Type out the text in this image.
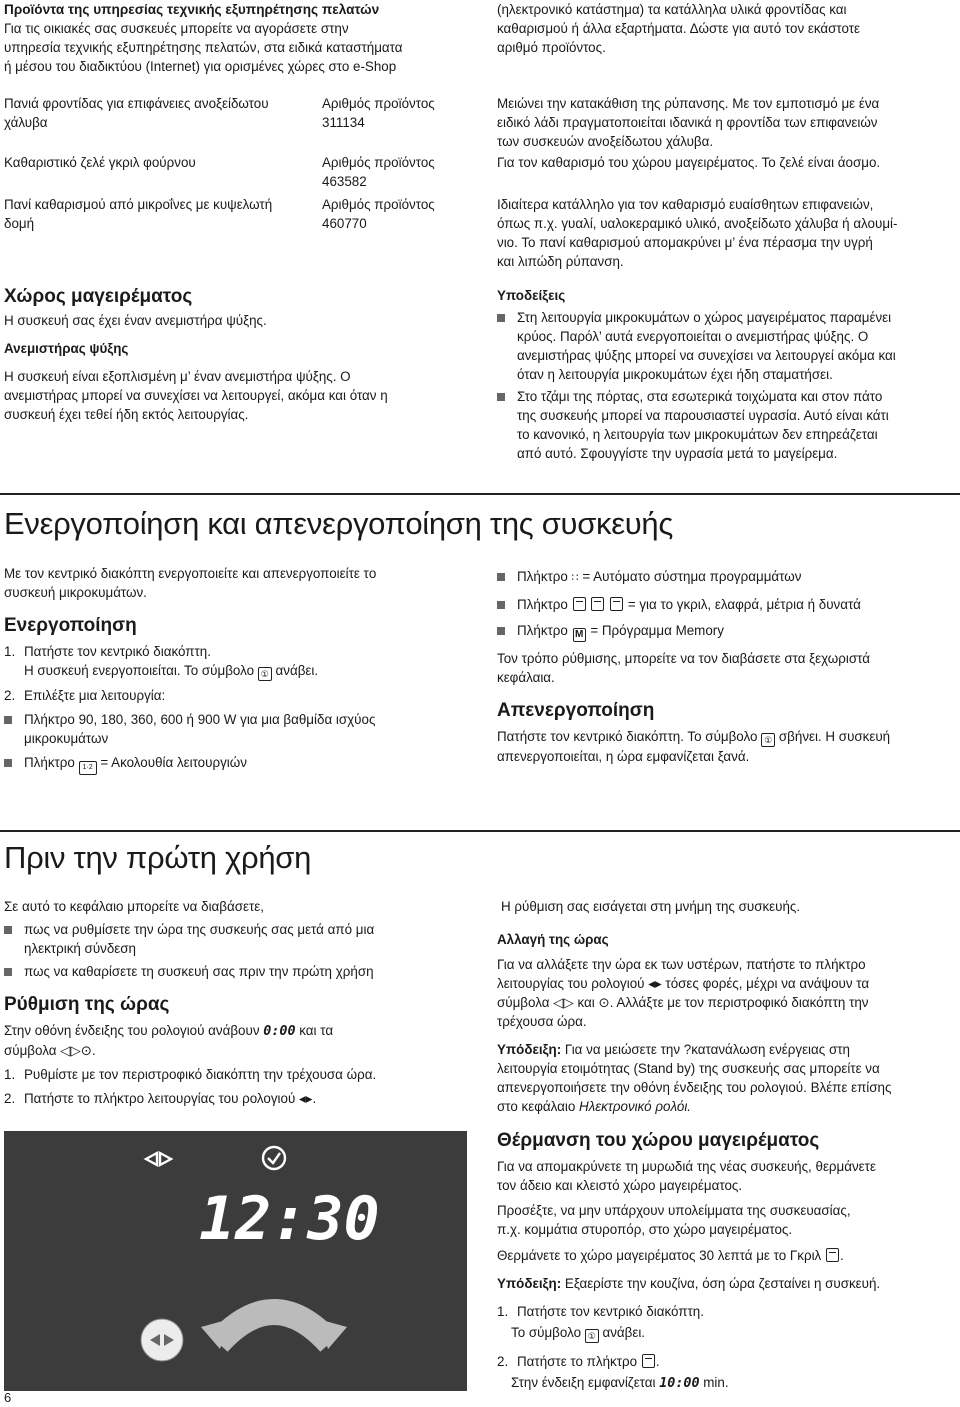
Προϊόντα της υπηρεσίας τεχνικής εξυπηρέτησης πελατών

Για τις οικιακές σας συσκευές μπορείτε να αγοράσετε στην

υπηρεσία τεχνικής εξυπηρέτησης πελατών, στα ειδικά καταστήματα

ή μέσου του διαδικτύου (Internet) για ορισμένες χώρες στο e-Shop

(ηλεκτρονικό κατάστημα) τα κατάλληλα υλικά φροντίδας και

καθαρισμού ή άλλα εξαρτήματα. Δώστε για αυτό τον εκάστοτε

αριθμό προϊόντος.

Πανιά φροντίδας για επιφάνειες ανοξείδωτου

χάλυβα

Αριθμός προϊόντος

311134

Μειώνει την κατακάθιση της ρύπανσης. Με τον εμποτισμό με ένα

ειδικό λάδι πραγματοποιείται ιδανικά η φροντίδα των επιφανειών

των συσκευών ανοξείδωτου χάλυβα.

Καθαριστικό ζελέ γκριλ φούρνου	Αριθμός προϊόντος

463582

Για τον καθαρισμό του χώρου μαγειρέματος. Το ζελέ είναι άοσμο.

Πανί καθαρισμού από μικροΐνες με κυψελωτή

δομή

Αριθμός προϊόντος

460770

Ιδιαίτερα κατάλληλο για τον καθαρισμό ευαίσθητων επιφανειών,

όπως π.χ. γυαλί, υαλοκεραμικό υλικό, ανοξείδωτο χάλυβα ή αλουμί-

νιο. Το πανί καθαρισμού απομακρύνει μ’ ένα πέρασμα την υγρή

και λιπώδη ρύπανση.

Χώρος μαγειρέματος

Η συσκευή σας έχει έναν ανεμιστήρα ψύξης.

Ανεμιστήρας ψύξης

Η συσκευή είναι εξοπλισμένη μ’ έναν ανεμιστήρα ψύξης. Ο

ανεμιστήρας μπορεί να συνεχίσει να λειτουργεί, ακόμα και όταν η

συσκευή έχει τεθεί ήδη εκτός λειτουργίας.

Υποδείξεις

Στη λειτουργία μικροκυμάτων ο χώρος μαγειρέματος παραμένει

κρύος. Παρόλ’ αυτά ενεργοποιείται ο ανεμιστήρας ψύξης. Ο

ανεμιστήρας ψύξης μπορεί να συνεχίσει να λειτουργεί ακόμα και

όταν η λειτουργία μικροκυμάτων έχει ήδη σταματήσει.

Στο τζάμι της πόρτας, στα εσωτερικά τοιχώματα και στον πάτο

της συσκευής μπορεί να παρουσιαστεί υγρασία. Αυτό είναι κάτι

το κανονικό, η λειτουργία των μικροκυμάτων δεν επηρεάζεται

από αυτό. Σφουγγίστε την υγρασία μετά το μαγείρεμα.

Ενεργοποίηση και απενεργοποίηση της συσκευής

Με τον κεντρικό διακόπτη ενεργοποιείτε και απενεργοποιείτε τo

συσκευή μικροκυμάτων.

Ενεργοποίηση

1. Πατήστε τον κεντρικό διακόπτη.

Η συσκευή ενεργοποιείται. Το σύμβολο ① ανάβει.

2. Επιλέξτε μια λειτουργία:

Πλήκτρο 90, 180, 360, 600 ή 900 W για μια βαθμίδα ισχύος

μικροκυμάτων

Πλήκτρο 1·2 = Ακολουθία λειτουργιών

Πλήκτρο ∷ = Αυτόματο σύστημα προγραμμάτων

Πλήκτρο	= για το γκριλ, ελαφρά, μέτρια ή δυνατά

Πλήκτρο M = Πρόγραμμα Memory

Τον τρόπο ρύθμισης, μπορείτε να τον διαβάσετε στα ξεχωριστά

κεφάλαια.

Απενεργοποίηση

Πατήστε τον κεντρικό διακόπτη. Το σύμβολο ① σβήνει. Η συσκευή

απενεργοποιείται, η ώρα εμφανίζεται ξανά.

Πριν την πρώτη χρήση

Σε αυτό το κεφάλαιο μπορείτε να διαβάσετε,

πως να ρυθμίσετε την ώρα της συσκευής σας μετά από μια

ηλεκτρική σύνδεση

πως να καθαρίσετε τη συσκευή σας πριν την πρώτη χρήση

Ρύθμιση της ώρας

Στην οθόνη ένδειξης του ρολογιού ανάβουν 0:00 και τα

σύμβολα ◁▷⊙.

1. Ρυθμίστε με τον περιστροφικό διακόπτη την τρέχουσα ώρα.

2. Πατήστε το πλήκτρο λειτουργίας του ρολογιού ◂▸.

12:30

6

Η ρύθμιση σας εισάγεται στη μνήμη της συσκευής.

Αλλαγή της ώρας

Για να αλλάξετε την ώρα εκ των υστέρων, πατήστε το πλήκτρο

λειτουργίας του ρολογιού ◂▸ τόσες φορές, μέχρι να ανάψουν τα

σύμβολα ◁▷ και ⊙. Αλλάξτε με τον περιστροφικό διακόπτη την

τρέχουσα ώρα.

Υπόδειξη: Για να μειώσετε την ?κατανάλωση ενέργειας στη

λειτουργία ετοιμότητας (Stand by) της συσκευής σας μπορείτε να

απενεργοποιήσετε την οθόνη ένδειξης του ρολογιού. Βλέπε επίσης

στο κεφάλαιο Ηλεκτρονικό ρολόι.

Θέρμανση του χώρου μαγειρέματος

Για να απομακρύνετε τη μυρωδιά της νέας συσκευής, θερμάνετε

τον άδειο και κλειστό χώρο μαγειρέματος.

Προσέξτε, να μην υπάρχουν υπολείμματα της συσκευασίας,

π.χ. κομμάτια στυροπόρ, στο χώρο μαγειρέματος.

Θερμάνετε το χώρο μαγειρέματος 30 λεπτά με το Γκριλ .

Υπόδειξη: Εξαερίστε την κουζίνα, όση ώρα ζεσταίνει η συσκευή.

1. Πατήστε τον κεντρικό διακόπτη.

Το σύμβολο ① ανάβει.

2. Πατήστε το πλήκτρο .

Στην ένδειξη εμφανίζεται 10:00 min.
